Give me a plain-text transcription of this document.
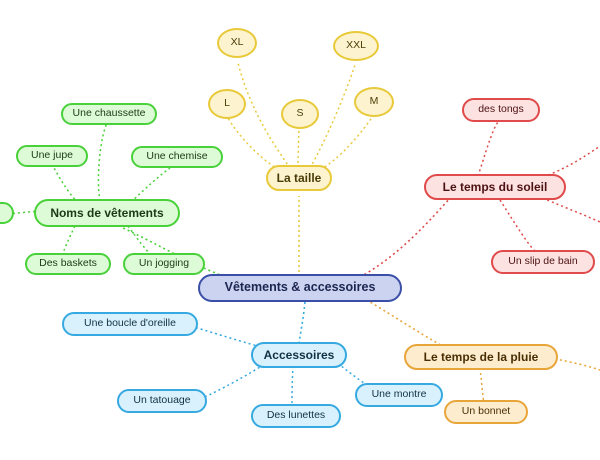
Vêtements & accessoires
Noms de vêtements
Une chaussette
Une jupe	Une chemise
Des baskets	Un jogging
La taille
XL	XXL
L
S
M
Le temps du soleil
des tongs
Un slip de bain
Accessoires
Une boucle d'oreille
Un tatouage
Des lunettes
Une montre
Le temps de la pluie
Un bonnet
